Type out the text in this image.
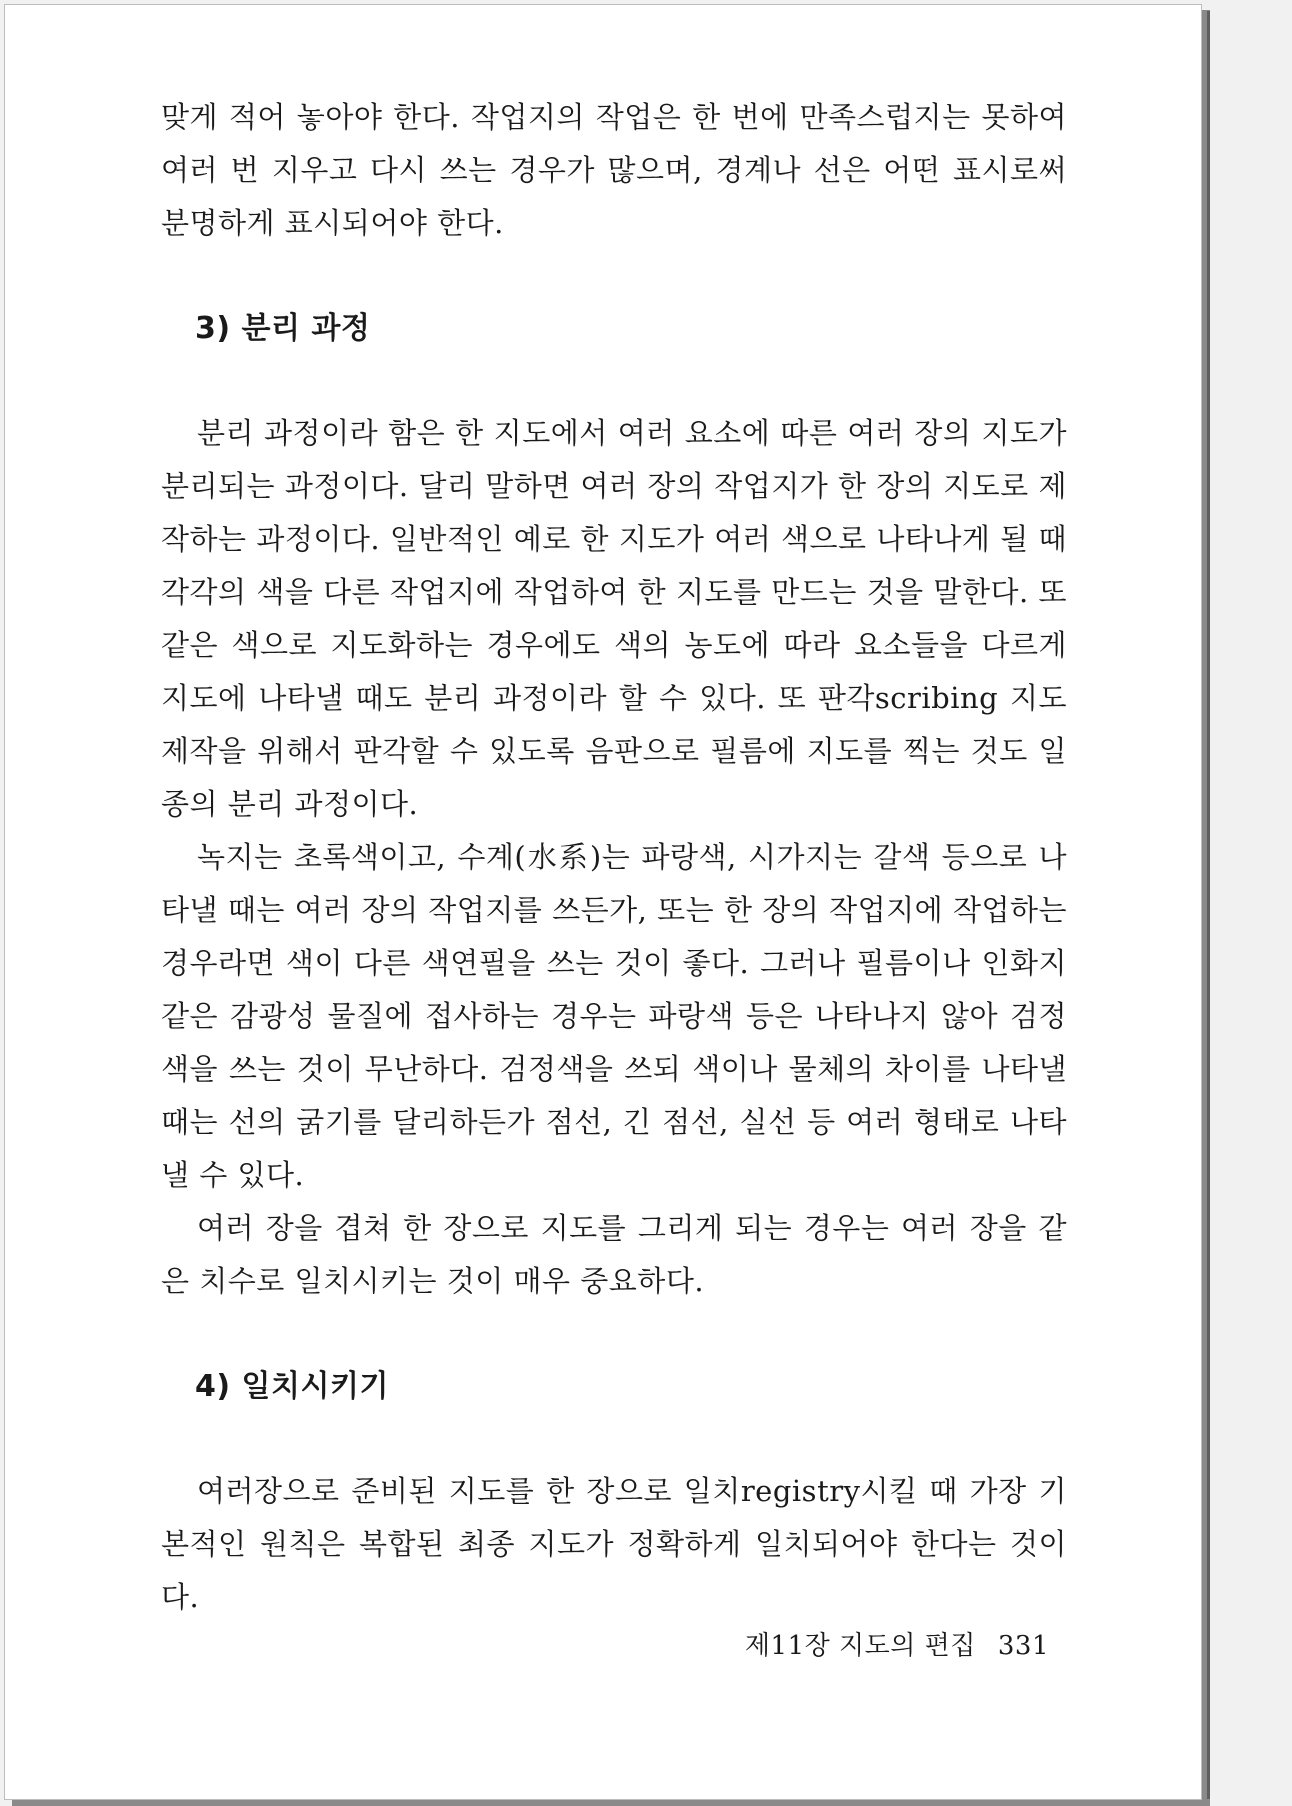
맞게 적어 놓아야 한다. 작업지의 작업은 한 번에 만족스럽지는 못하여 여러 번 지우고 다시 쓰는 경우가 많으며, 경계나 선은 어떤 표시로써 분명하게 표시되어야 한다.

3) 분리 과정

분리 과정이라 함은 한 지도에서 여러 요소에 따른 여러 장의 지도가 분리되는 과정이다. 달리 말하면 여러 장의 작업지가 한 장의 지도로 제작하는 과정이다. 일반적인 예로 한 지도가 여러 색으로 나타나게 될 때 각각의 색을 다른 작업지에 작업하여 한 지도를 만드는 것을 말한다. 또 같은 색으로 지도화하는 경우에도 색의 농도에 따라 요소들을 다르게 지도에 나타낼 때도 분리 과정이라 할 수 있다. 또 판각scribing 지도 제작을 위해서 판각할 수 있도록 음판으로 필름에 지도를 찍는 것도 일종의 분리 과정이다.

녹지는 초록색이고, 수계(水系)는 파랑색, 시가지는 갈색 등으로 나타낼 때는 여러 장의 작업지를 쓰든가, 또는 한 장의 작업지에 작업하는 경우라면 색이 다른 색연필을 쓰는 것이 좋다. 그러나 필름이나 인화지 같은 감광성 물질에 접사하는 경우는 파랑색 등은 나타나지 않아 검정색을 쓰는 것이 무난하다. 검정색을 쓰되 색이나 물체의 차이를 나타낼 때는 선의 굵기를 달리하든가 점선, 긴 점선, 실선 등 여러 형태로 나타낼 수 있다.

여러 장을 겹쳐 한 장으로 지도를 그리게 되는 경우는 여러 장을 같은 치수로 일치시키는 것이 매우 중요하다.

4) 일치시키기

여러장으로 준비된 지도를 한 장으로 일치registry시킬 때 가장 기본적인 원칙은 복합된 최종 지도가 정확하게 일치되어야 한다는 것이다.

제11장 지도의 편집 331
